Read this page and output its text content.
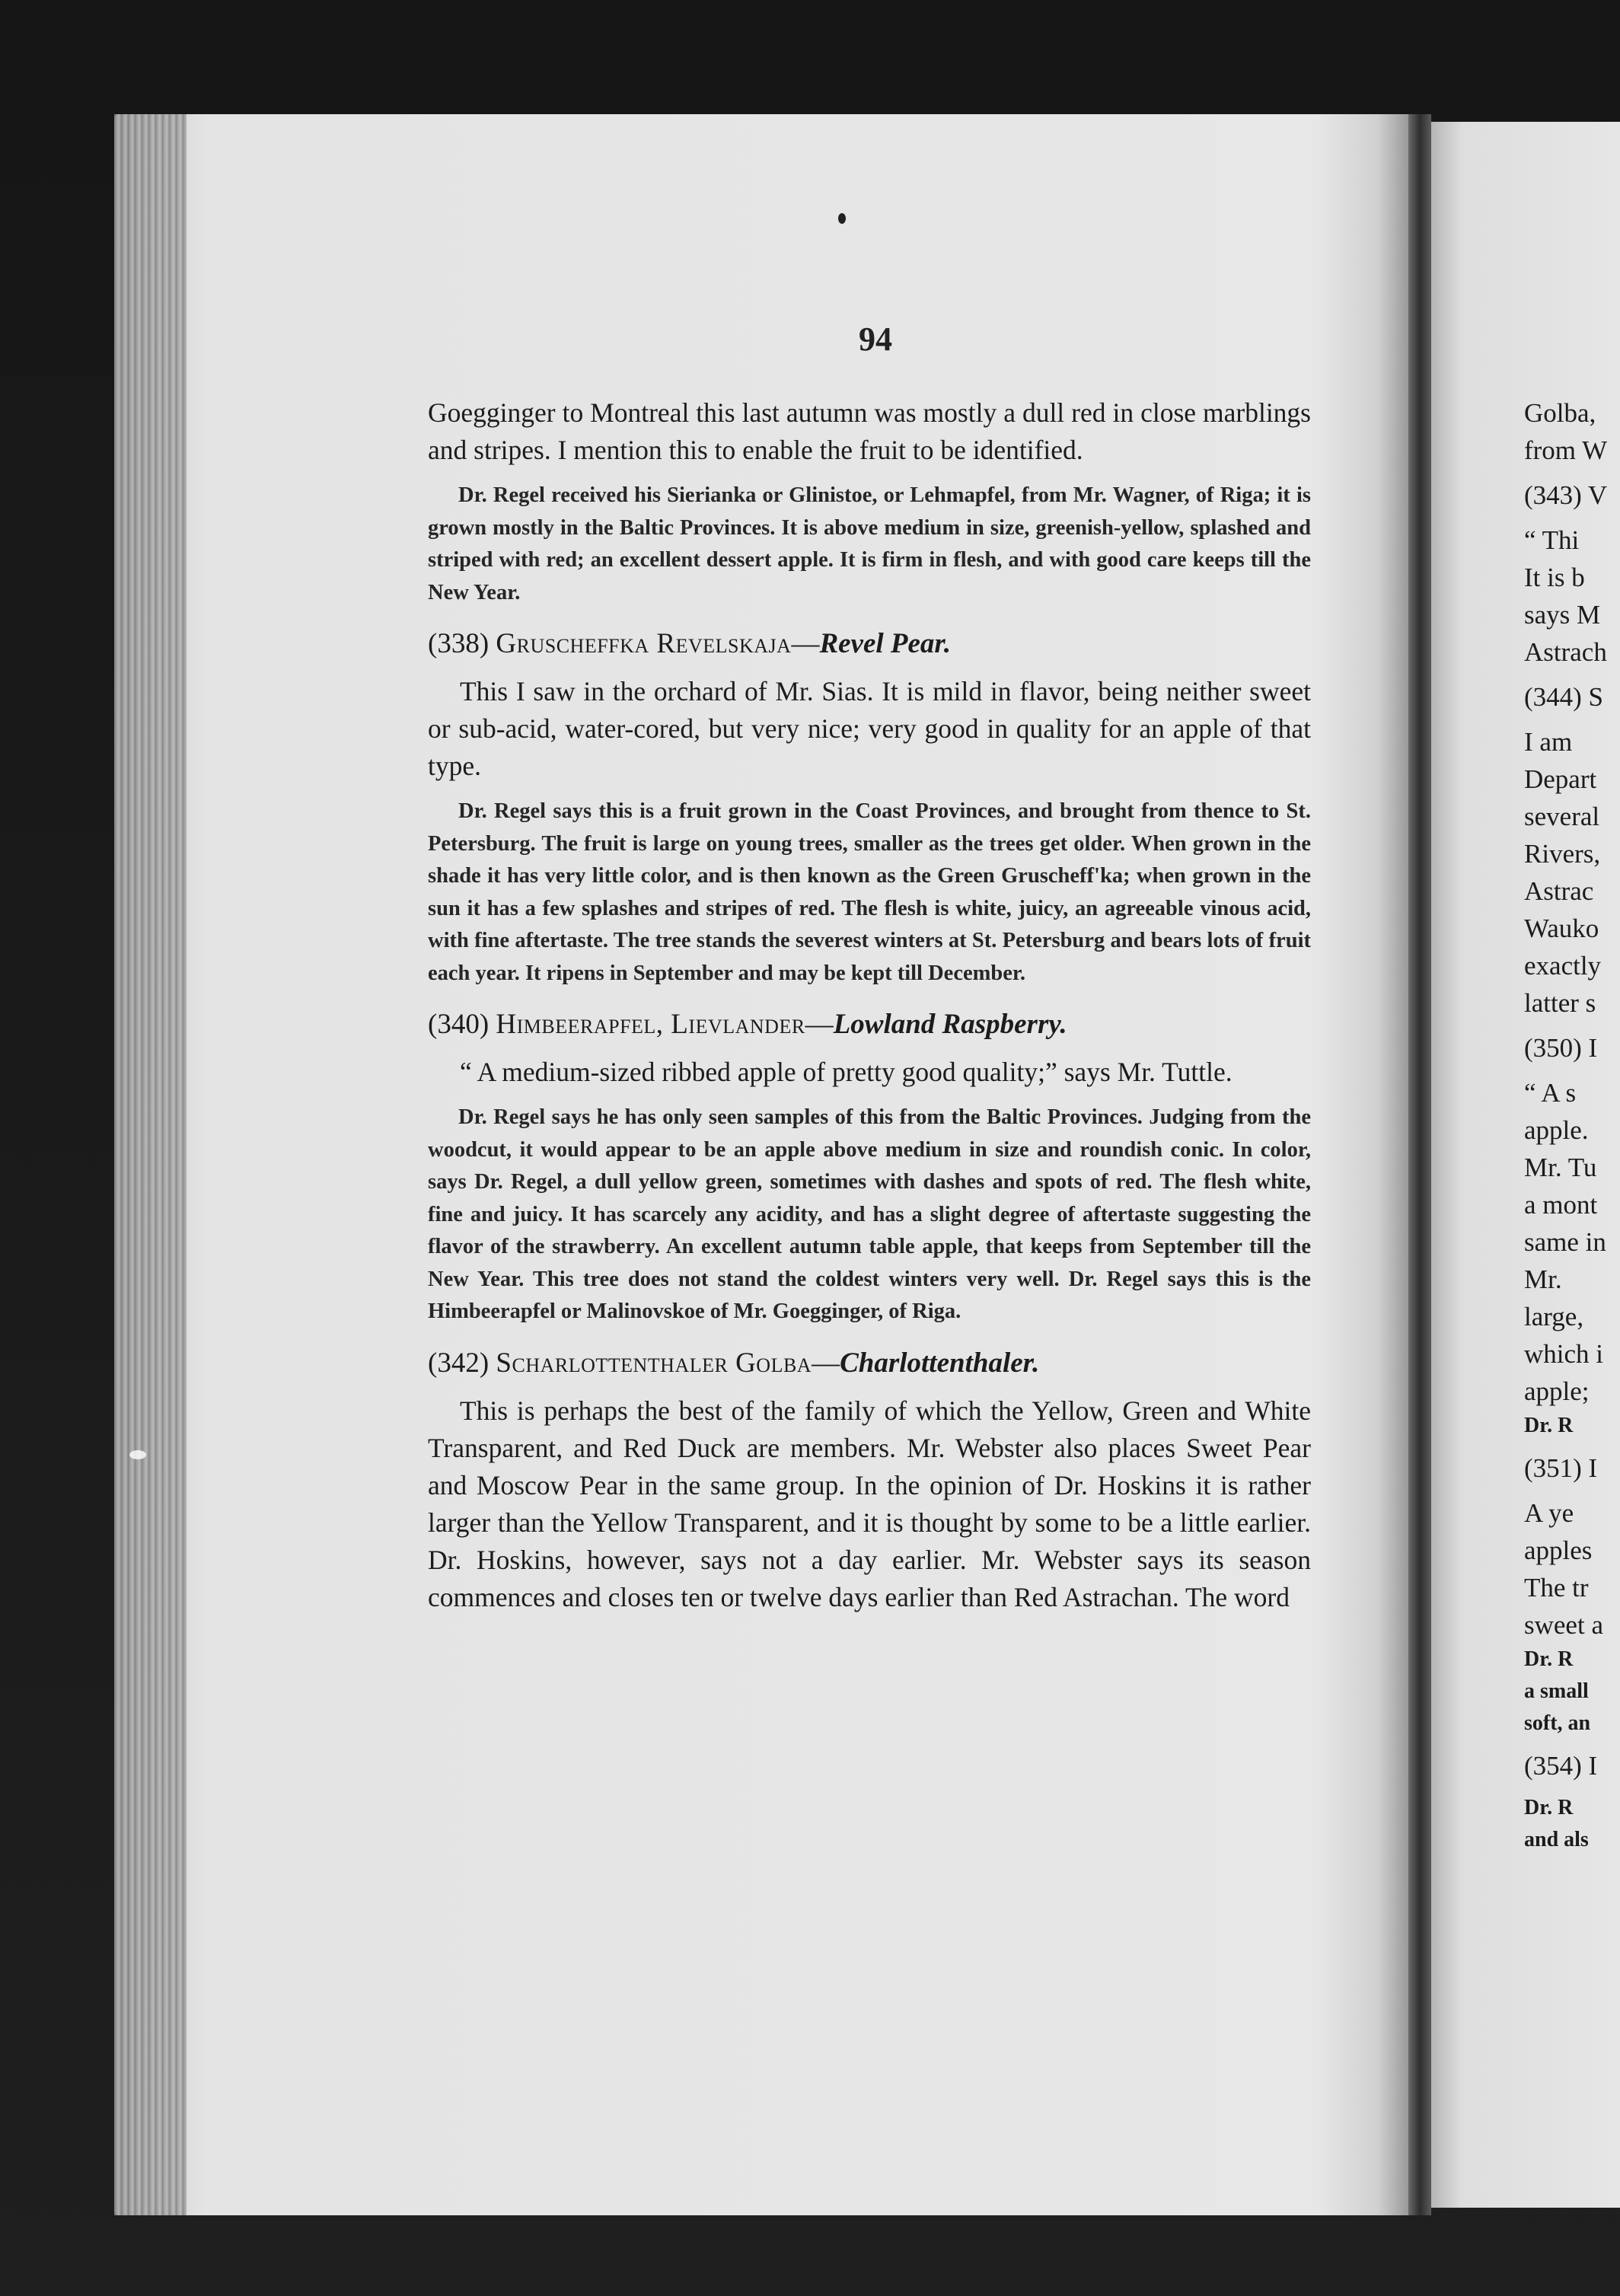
94

Goegginger to Montreal this last autumn was mostly a dull red in close marblings and stripes. I mention this to enable the fruit to be identified.

Dr. Regel received his Sierianka or Glinistoe, or Lehmapfel, from Mr. Wagner, of Riga; it is grown mostly in the Baltic Provinces. It is above medium in size, greenish-yellow, splashed and striped with red; an excellent dessert apple. It is firm in flesh, and with good care keeps till the New Year.

(338) Gruscheffka Revelskaja—Revel Pear.

This I saw in the orchard of Mr. Sias. It is mild in flavor, being neither sweet or sub-acid, water-cored, but very nice; very good in quality for an apple of that type.

Dr. Regel says this is a fruit grown in the Coast Provinces, and brought from thence to St. Petersburg. The fruit is large on young trees, smaller as the trees get older. When grown in the shade it has very little color, and is then known as the Green Gruscheff'ka; when grown in the sun it has a few splashes and stripes of red. The flesh is white, juicy, an agreeable vinous acid, with fine aftertaste. The tree stands the severest winters at St. Petersburg and bears lots of fruit each year. It ripens in September and may be kept till December.

(340) Himbeerapfel, Lievlander—Lowland Raspberry.

“ A medium-sized ribbed apple of pretty good quality;” says Mr. Tuttle.

Dr. Regel says he has only seen samples of this from the Baltic Provinces. Judging from the woodcut, it would appear to be an apple above medium in size and roundish conic. In color, says Dr. Regel, a dull yellow green, sometimes with dashes and spots of red. The flesh white, fine and juicy. It has scarcely any acidity, and has a slight degree of aftertaste suggesting the flavor of the strawberry. An excellent autumn table apple, that keeps from September till the New Year. This tree does not stand the coldest winters very well. Dr. Regel says this is the Himbeerapfel or Malinovskoe of Mr. Goegginger, of Riga.

(342) Scharlottenthaler Golba—Charlottenthaler.

This is perhaps the best of the family of which the Yellow, Green and White Transparent, and Red Duck are members. Mr. Webster also places Sweet Pear and Moscow Pear in the same group. In the opinion of Dr. Hoskins it is rather larger than the Yellow Transparent, and it is thought by some to be a little earlier. Dr. Hoskins, however, says not a day earlier. Mr. Webster says its season commences and closes ten or twelve days earlier than Red Astrachan. The word

Golba,
from W
(343) V
“ Thi
It is b
says M
Astrach
(344) S
I am
Depart
several
Rivers,
Astrac
Wauko
exactly
latter s
(350) I
“ A s
apple.
Mr. Tu
a mont
same in
Mr.
large,
which i
apple;
Dr. R
(351) I
A ye
apples
The tr
sweet a
Dr. R
a small
soft, an
(354) I
Dr. R
and als
